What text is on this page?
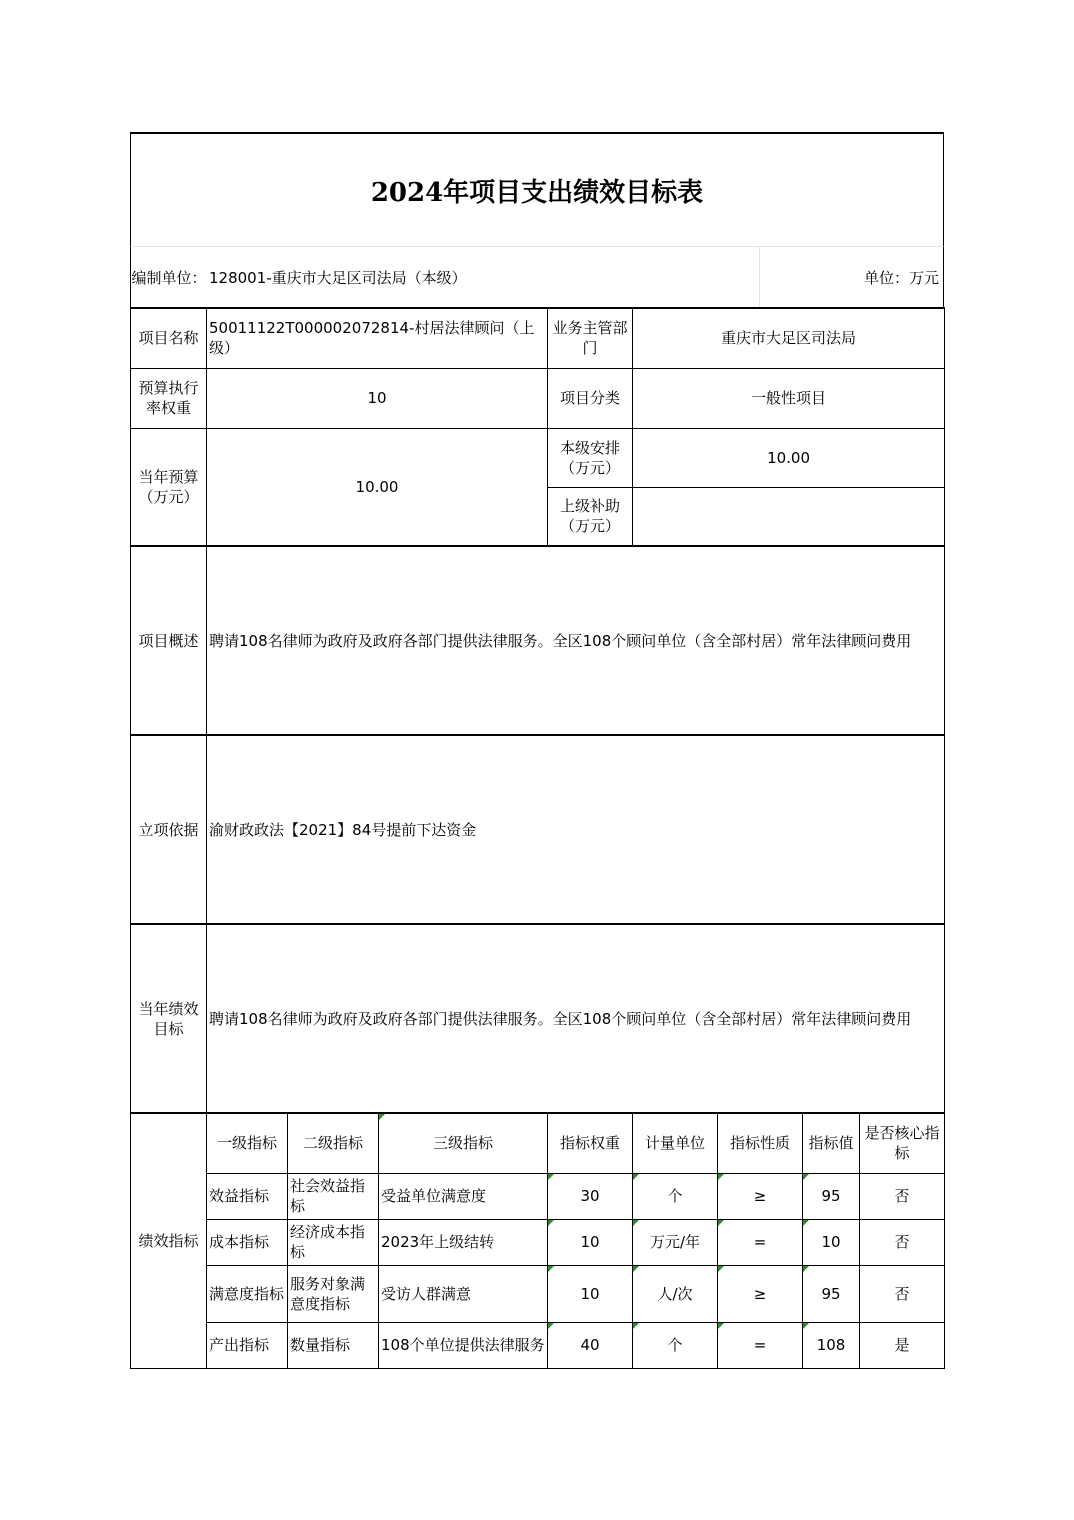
2024年项目支出绩效目标表
编制单位： 128001-重庆市大足区司法局（本级）	单位：万元
项目名称	50011122T000002072814-村居法律顾问（上级）			业务主管部门	重庆市大足区司法局			
预算执行率权重	10			项目分类	一般性项目			
当年预算（万元）	10.00			本级安排（万元）	10.00			
				上级补助（万元）				
项目概述	聘请108名律师为政府及政府各部门提供法律服务。全区108个顾问单位（含全部村居）常年法律顾问费用							
立项依据	渝财政政法【2021】84号提前下达资金							
当年绩效目标	聘请108名律师为政府及政府各部门提供法律服务。全区108个顾问单位（含全部村居）常年法律顾问费用							
绩效指标	一级指标	二级指标	三级指标	指标权重	计量单位	指标性质	指标值	是否核心指标
	效益指标	社会效益指标	受益单位满意度	30	个	≥	95	否
	成本指标	经济成本指标	2023年上级结转	10	万元/年	=	10	否
	满意度指标	服务对象满意度指标	受访人群满意	10	人/次	≥	95	否
	产出指标	数量指标	108个单位提供法律服务	40	个	=	108	是
